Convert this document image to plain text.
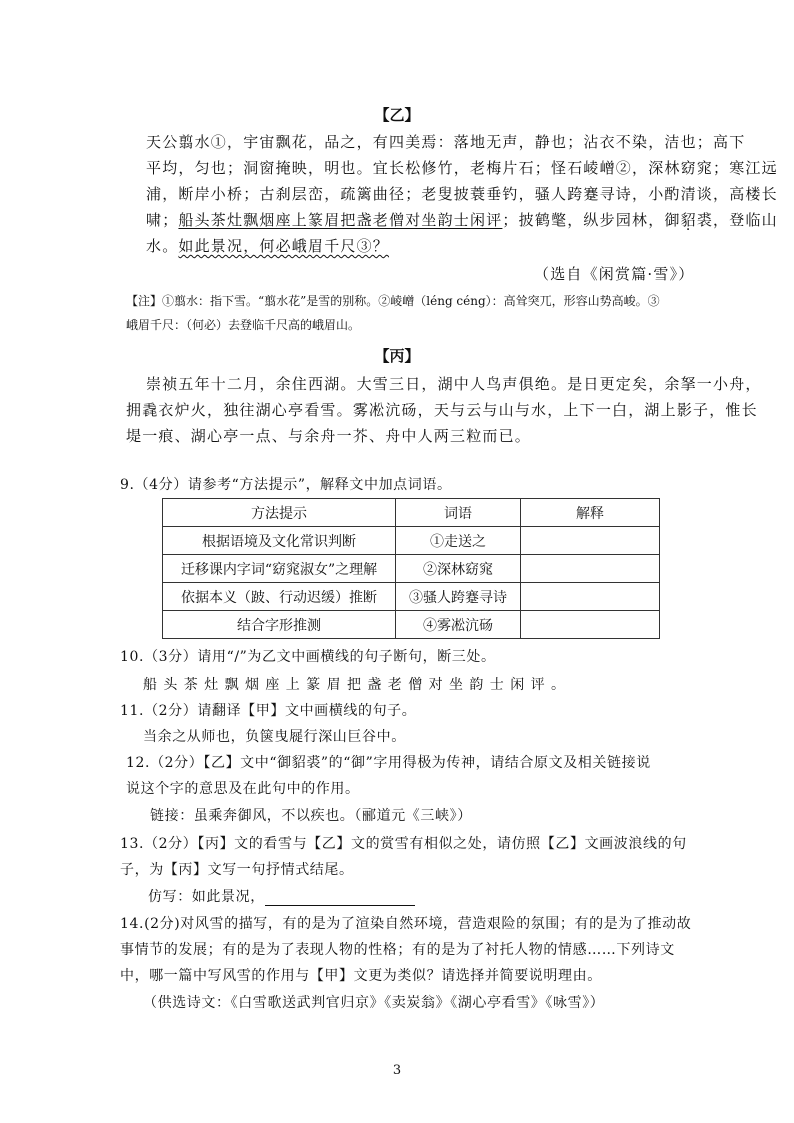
【乙】
天公翦水①，宇宙飘花，品之，有四美焉：落地无声，静也；沾衣不染，洁也；高下
平均，匀也；洞窗掩映，明也。宜长松修竹，老梅片石；怪石崚嶒②，深林窈窕；寒江远
浦，断岸小桥；古刹层峦，疏篱曲径；老叟披蓑垂钓，骚人跨蹇寻诗，小酌清谈，高楼长
啸；船头茶灶飘烟座上篆眉把盏老僧对坐韵士闲评；披鹤氅，纵步园林，御貂裘，登临山
水。如此景况，何必峨眉千尺③？
（选自《闲赏篇·雪》）
【注】①翦水：指下雪。“翦水花”是雪的别称。②崚嶒（léng céng）：高耸突兀，形容山势高峻。③
峨眉千尺：（何必）去登临千尺高的峨眉山。
【丙】
崇祯五年十二月，余住西湖。大雪三日，湖中人鸟声俱绝。是日更定矣，余拏一小舟，
拥毳衣炉火，独往湖心亭看雪。雾凇沆砀，天与云与山与水，上下一白，湖上影子，惟长
堤一痕、湖心亭一点、与余舟一芥、舟中人两三粒而已。
9.（4分）请参考“方法提示”，解释文中加点词语。
方法提示	词语	解释
根据语境及文化常识判断	①走送之	
迁移课内字词“窈窕淑女”之理解	②深林窈窕	
依据本义（跛、行动迟缓）推断	③骚人跨蹇寻诗	
结合字形推测	④雾凇沆砀	
10.（3分）请用“/”为乙文中画横线的句子断句，断三处。
船头茶灶飘烟座上篆眉把盏老僧对坐韵士闲评。
11.（2分）请翻译【甲】文中画横线的句子。
当余之从师也，负箧曳屣行深山巨谷中。
12.（2分）【乙】文中“御貂裘”的“御”字用得极为传神，请结合原文及相关链接说
说这个字的意思及在此句中的作用。
链接：虽乘奔御风，不以疾也。（郦道元《三峡》）
13.（2分）【丙】文的看雪与【乙】文的赏雪有相似之处，请仿照【乙】文画波浪线的句
子，为【丙】文写一句抒情式结尾。
仿写：如此景况，
14.(2分)对风雪的描写，有的是为了渲染自然环境，营造艰险的氛围；有的是为了推动故
事情节的发展；有的是为了表现人物的性格；有的是为了衬托人物的情感……下列诗文
中，哪一篇中写风雪的作用与【甲】文更为类似？请选择并简要说明理由。
（供选诗文：《白雪歌送武判官归京》《卖炭翁》《湖心亭看雪》《咏雪》）
3
